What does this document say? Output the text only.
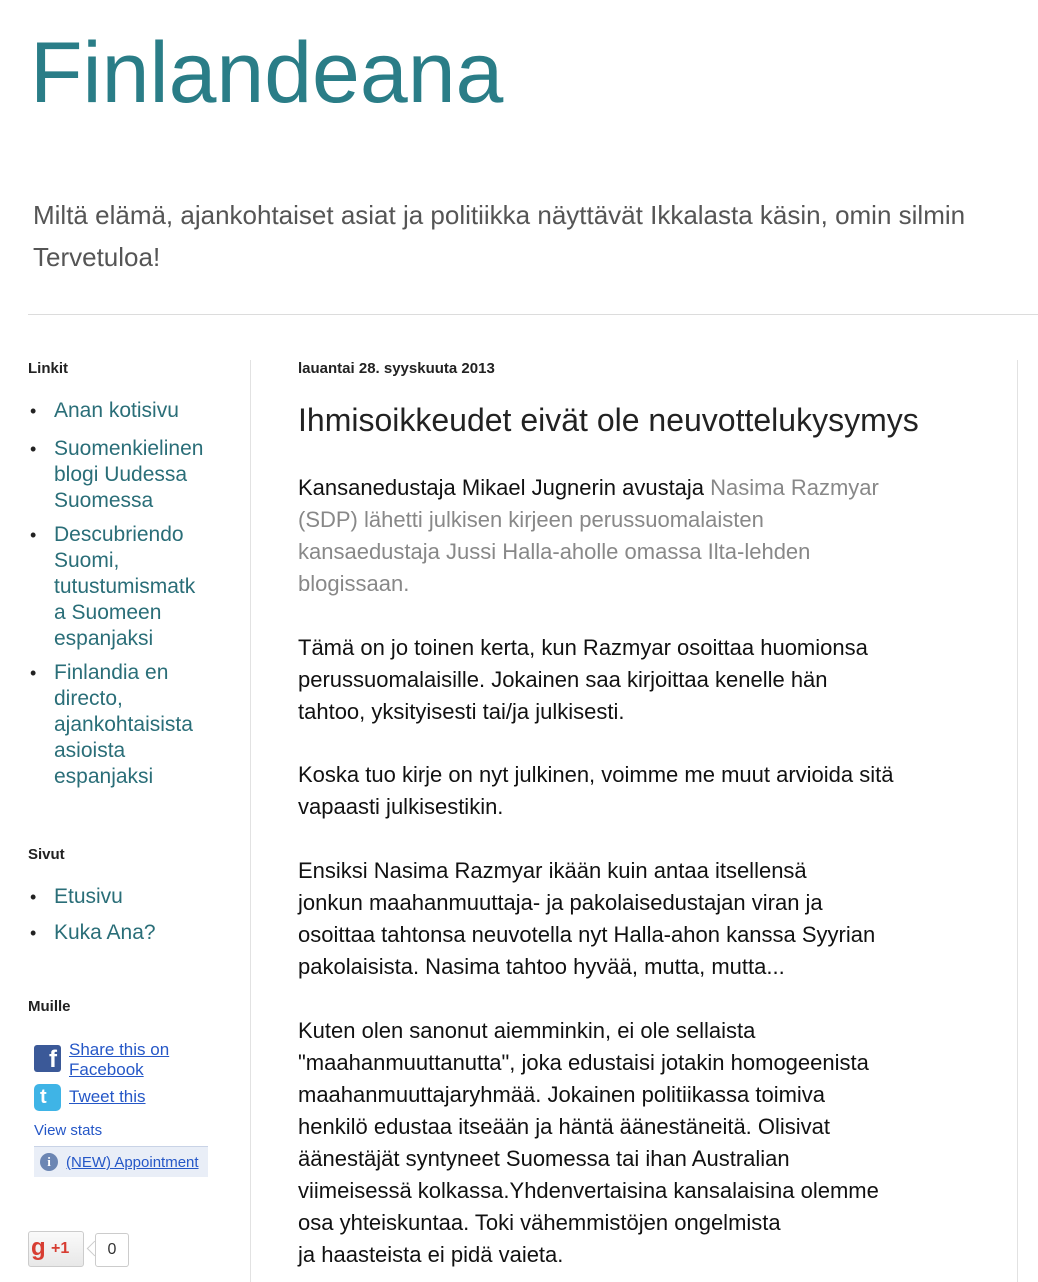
Finlandeana
Miltä elämä, ajankohtaiset asiat ja politiikka näyttävät Ikkalasta käsin, omin silmin
Tervetuloa!
Linkit
• Anan kotisivu
• Suomenkielinen
blogi Uudessa
Suomessa
• Descubriendo
Suomi,
tutustumismatk
a Suomeen
espanjaksi
• Finlandia en
directo,
ajankohtaisista
asioista
espanjaksi
Sivut
• Etusivu
• Kuka Ana?
Muille
f Share this on
Facebook
t Tweet this
View stats
i	(NEW) Appointment
g +1	0
lauantai 28. syyskuuta 2013
Ihmisoikkeudet eivät ole neuvottelukysymys

Kansanedustaja Mikael Jugnerin avustaja Nasima Razmyar
(SDP) lähetti julkisen kirjeen perussuomalaisten
kansaedustaja Jussi Halla-aholle omassa Ilta-lehden
blogissaan.

Tämä on jo toinen kerta, kun Razmyar osoittaa huomionsa
perussuomalaisille. Jokainen saa kirjoittaa kenelle hän
tahtoo, yksityisesti tai/ja julkisesti.

Koska tuo kirje on nyt julkinen, voimme me muut arvioida sitä
vapaasti julkisestikin.

Ensiksi Nasima Razmyar ikään kuin antaa itsellensä
jonkun maahanmuuttaja- ja pakolaisedustajan viran ja
osoittaa tahtonsa neuvotella nyt Halla-ahon kanssa Syyrian
pakolaisista. Nasima tahtoo hyvää, mutta, mutta...

Kuten olen sanonut aiemminkin, ei ole sellaista
"maahanmuuttanutta", joka edustaisi jotakin homogeenista
maahanmuuttajaryhmää. Jokainen politiikassa toimiva
henkilö edustaa itseään ja häntä äänestäneitä. Olisivat
äänestäjät syntyneet Suomessa tai ihan Australian
viimeisessä kolkassa.Yhdenvertaisina kansalaisina olemme
osa yhteiskuntaa. Toki vähemmistöjen ongelmista
ja haasteista ei pidä vaieta.
